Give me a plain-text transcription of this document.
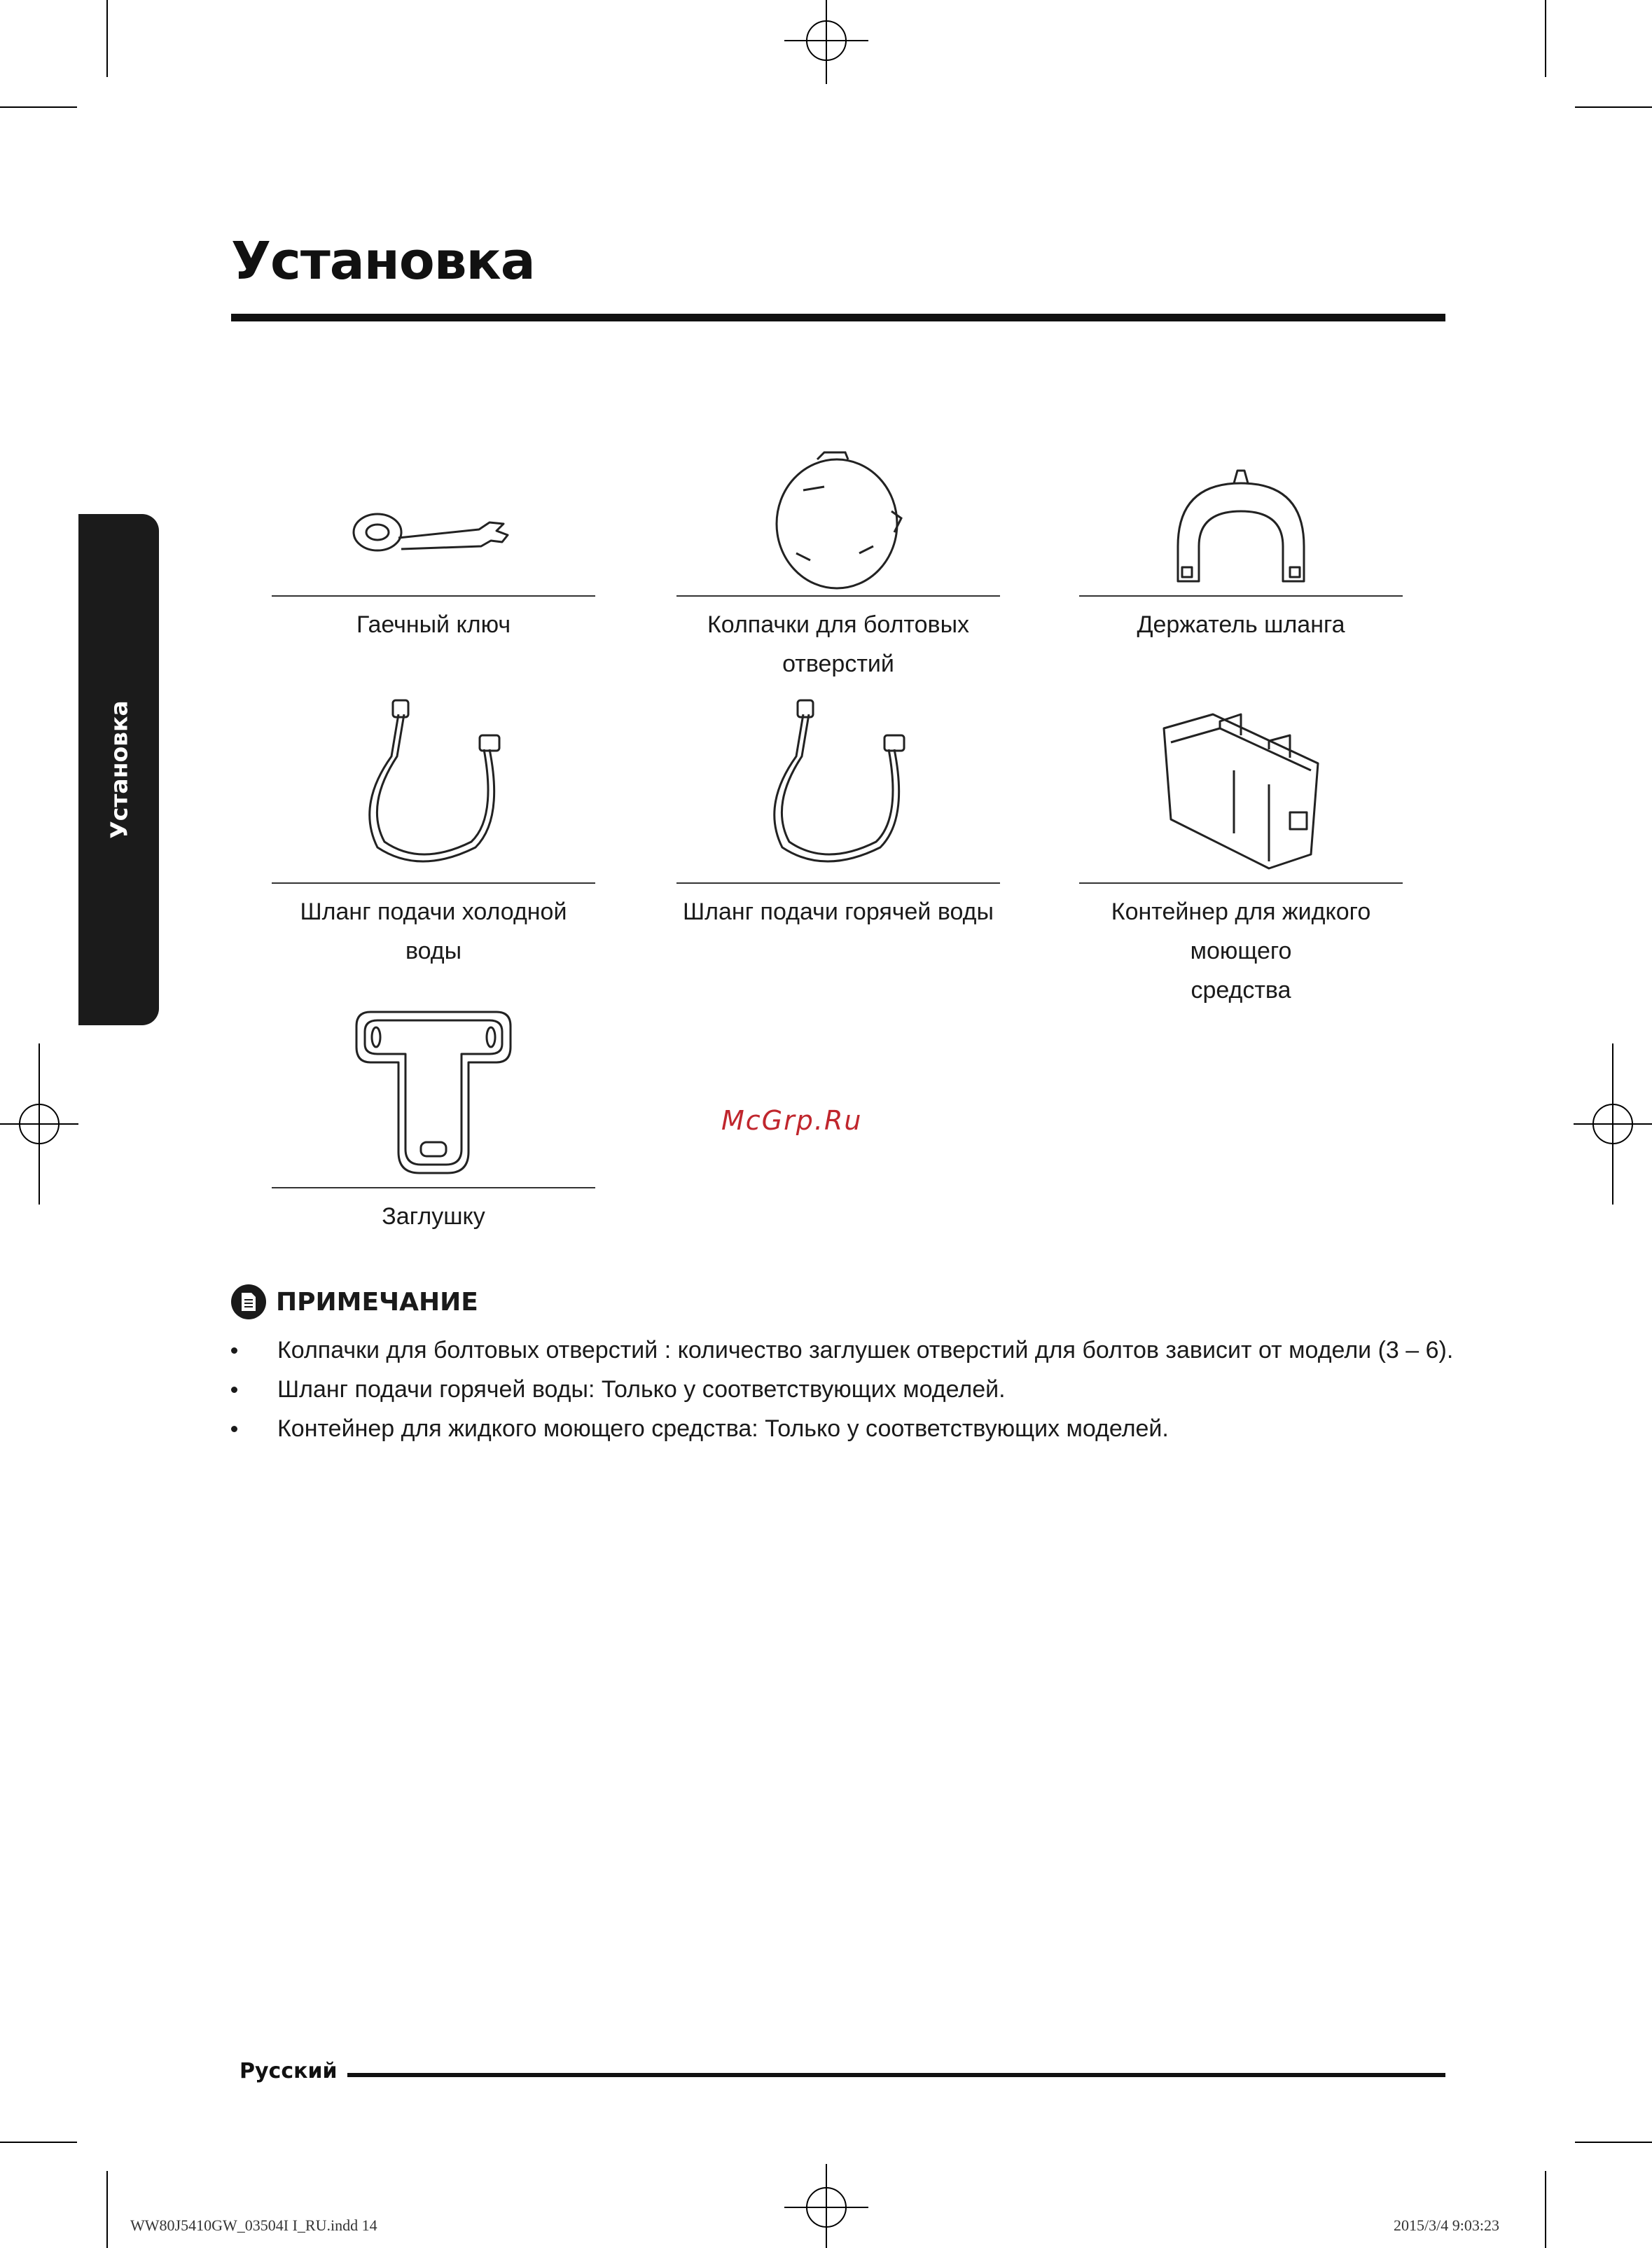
Установка
Установка
Гаечный ключ	Колпачки для болтовых
отверстий
Держатель шланга
Шланг подачи холодной воды
Шланг подачи горячей воды	Контейнер для жидкого моющего
средства
Заглушку
McGrp.Ru
ПРИМЕЧАНИЕ
Колпачки для болтовых отверстий : количество заглушек отверстий для болтов зависит от модели (3 – 6).
Шланг подачи горячей воды: Только у соответствующих моделей.
Контейнер для жидкого моющего средства: Только у соответствующих моделей.
Русский
WW80J5410GW_03504I I_RU.indd 14	2015/3/4 9:03:23
